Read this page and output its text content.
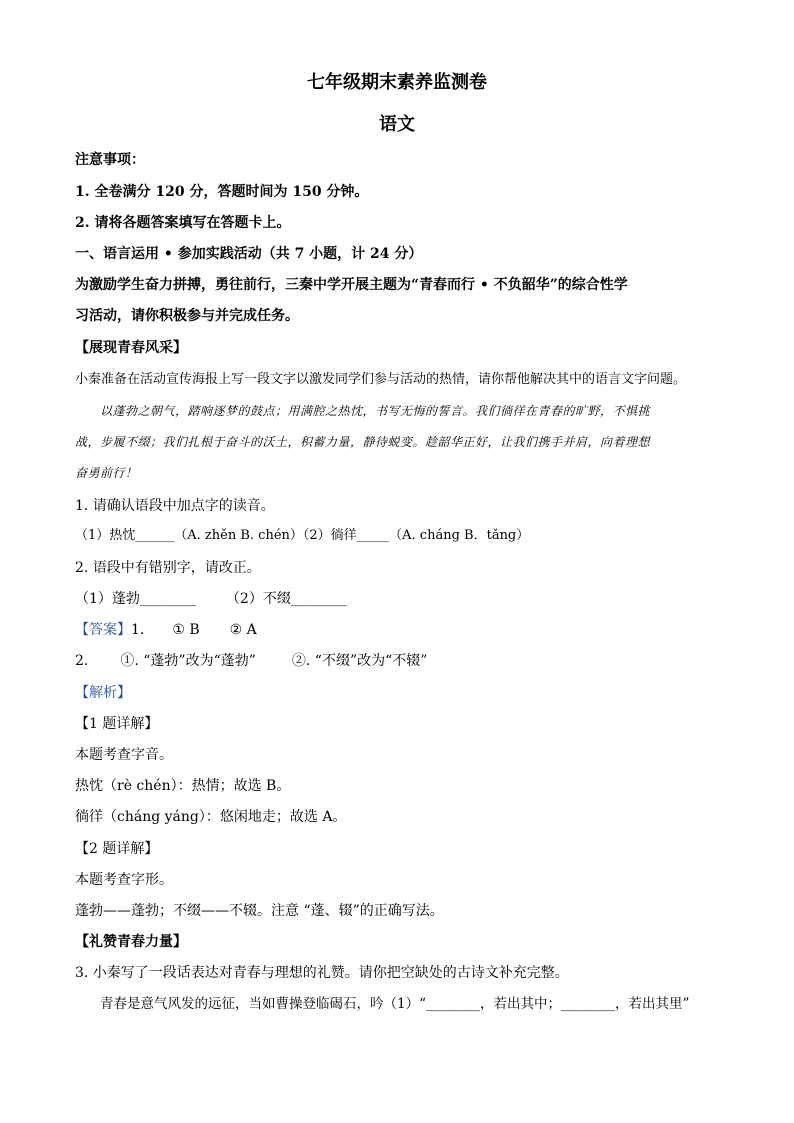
七年级期末素养监测卷
语文
注意事项：
1. 全卷满分 120 分，答题时间为 150 分钟。
2. 请将各题答案填写在答题卡上。
一、语言运用 • 参加实践活动（共 7 小题，计 24 分）
为激励学生奋力拼搏，勇往前行，三秦中学开展主题为“青春而行 • 不负韶华”的综合性学
习活动，请你积极参与并完成任务。
【展现青春风采】
小秦准备在活动宣传海报上写一段文字以激发同学们参与活动的热情，请你帮他解决其中的语言文字问题。
以蓬勃之朝气，踏响逐梦的鼓点；用满腔之热忱，书写无悔的誓言。我们徜徉在青春的旷野，不惧挑
战，步履不缀；我们扎根于奋斗的沃土，积蓄力量，静待蜕变。趁韶华正好，让我们携手并肩，向着理想
奋勇前行！
1. 请确认语段中加点字的读音。
（1）热忱______（A. zhěn B. chén）（2）徜徉_____（A. cháng B．tǎng）
2. 语段中有错别字，请改正。
（1）蓬勃________ （2）不缀________
【答案】1. ① B ② A
2. ①. “蓬勃”改为“蓬勃”	②. “不缀”改为“不辍”
【解析】
【1 题详解】
本题考查字音。
热忱（rè chén）：热情；故选 B。
徜徉（cháng yáng）：悠闲地走；故选 A。
【2 题详解】
本题考查字形。
蓬勃——蓬勃；不缀——不辍。注意 “蓬、辍”的正确写法。
【礼赞青春力量】
3. 小秦写了一段话表达对青春与理想的礼赞。请你把空缺处的古诗文补充完整。
青春是意气风发的远征，当如曹操登临碣石，吟（1）“________，若出其中；________，若出其里”
